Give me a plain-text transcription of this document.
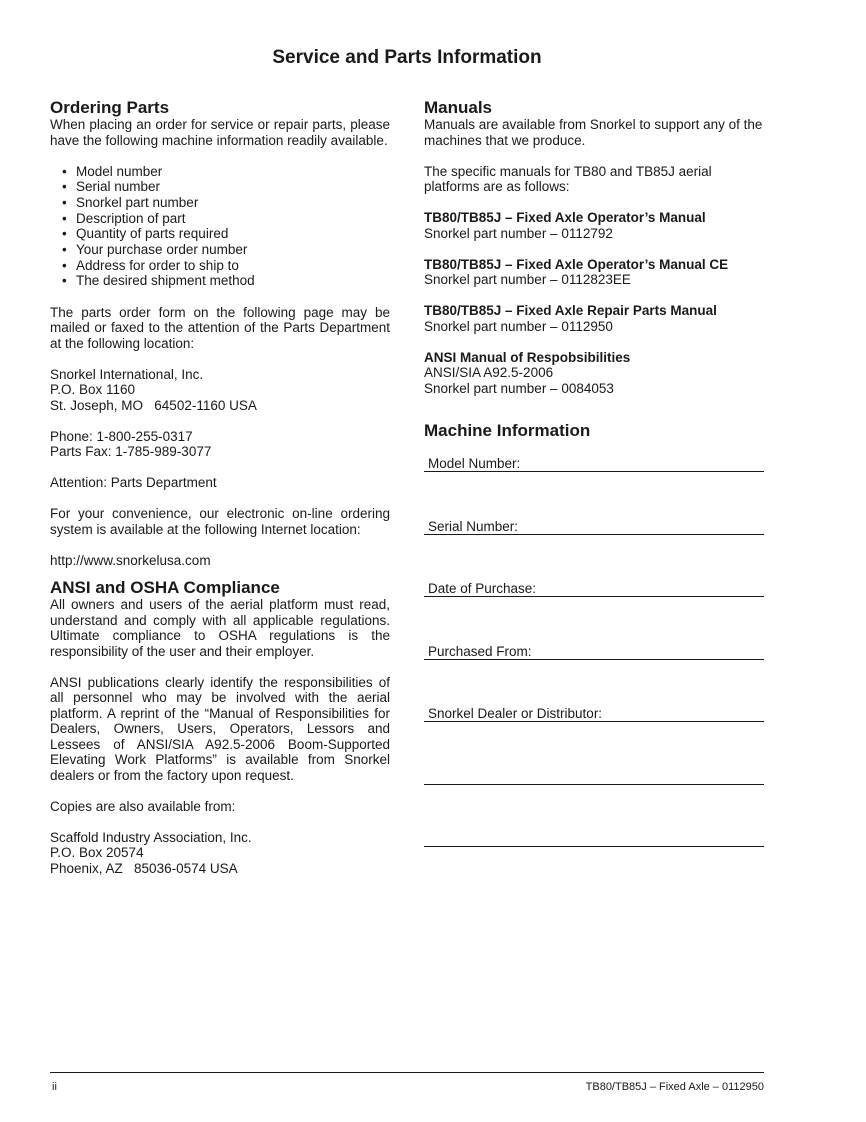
Service and Parts Information
Ordering Parts

When placing an order for service or repair parts, please have the following machine information readily available.

• Model number
• Serial number
• Snorkel part number
• Description of part
• Quantity of parts required
• Your purchase order number
• Address for order to ship to
• The desired shipment method

The parts order form on the following page may be mailed or faxed to the attention of the Parts Department at the following location:

Snorkel International, Inc.

P.O. Box 1160

St. Joseph, MO   64502-1160 USA

Phone: 1-800-255-0317

Parts Fax: 1-785-989-3077

Attention: Parts Department

For your convenience, our electronic on-line ordering system is available at the following Internet location:

http://www.snorkelusa.com

ANSI and OSHA Compliance

All owners and users of the aerial platform must read, understand and comply with all applicable regulations. Ultimate compliance to OSHA regulations is the responsibility of the user and their employer.

ANSI publications clearly identify the responsibilities of all personnel who may be involved with the aerial platform. A reprint of the “Manual of Responsibilities for Dealers, Owners, Users, Operators, Lessors and Lessees of ANSI/SIA A92.5-2006 Boom-Supported Elevating Work Platforms” is available from Snorkel dealers or from the factory upon request.

Copies are also available from:

Scaffold Industry Association, Inc.

P.O. Box 20574

Phoenix, AZ   85036-0574 USA

Manuals

Manuals are available from Snorkel to support any of the machines that we produce.

The specific manuals for TB80 and TB85J aerial platforms are as follows:

TB80/TB85J – Fixed Axle Operator’s Manual

Snorkel part number – 0112792

TB80/TB85J – Fixed Axle Operator’s Manual CE

Snorkel part number – 0112823EE

TB80/TB85J – Fixed Axle Repair Parts Manual

Snorkel part number – 0112950

ANSI Manual of Respobsibilities

ANSI/SIA A92.5-2006

Snorkel part number – 0084053

Machine Information
Model Number:
Serial Number:
Date of Purchase:
Purchased From:
Snorkel Dealer or Distributor:
ii	TB80/TB85J – Fixed Axle – 0112950
